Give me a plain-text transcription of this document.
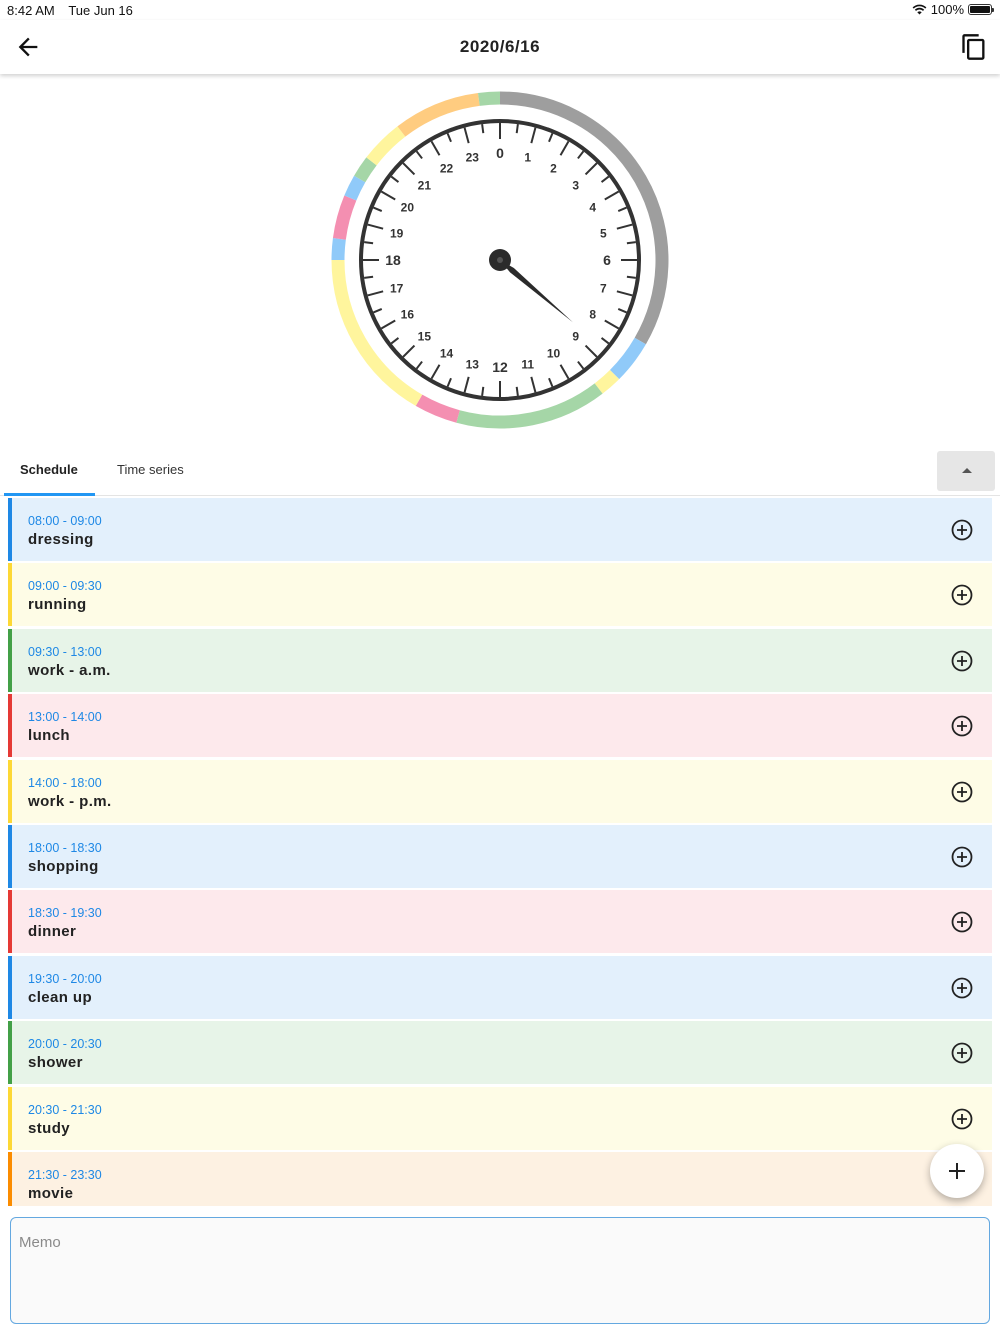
8:42 AM Tue Jun 16	100%
2020/6/16
0 1
2
3
4
5
6
7
8
9
10
11
12
13
14
15
16
17
18
19
20
21
22
23
Schedule	Time series
08:00 - 09:00
dressing
09:00 - 09:30
running
09:30 - 13:00
work - a.m.
13:00 - 14:00
lunch
14:00 - 18:00
work - p.m.
18:00 - 18:30
shopping
18:30 - 19:30
dinner
19:30 - 20:00
clean up
20:00 - 20:30
shower
20:30 - 21:30
study
21:30 - 23:30
movie
Memo
